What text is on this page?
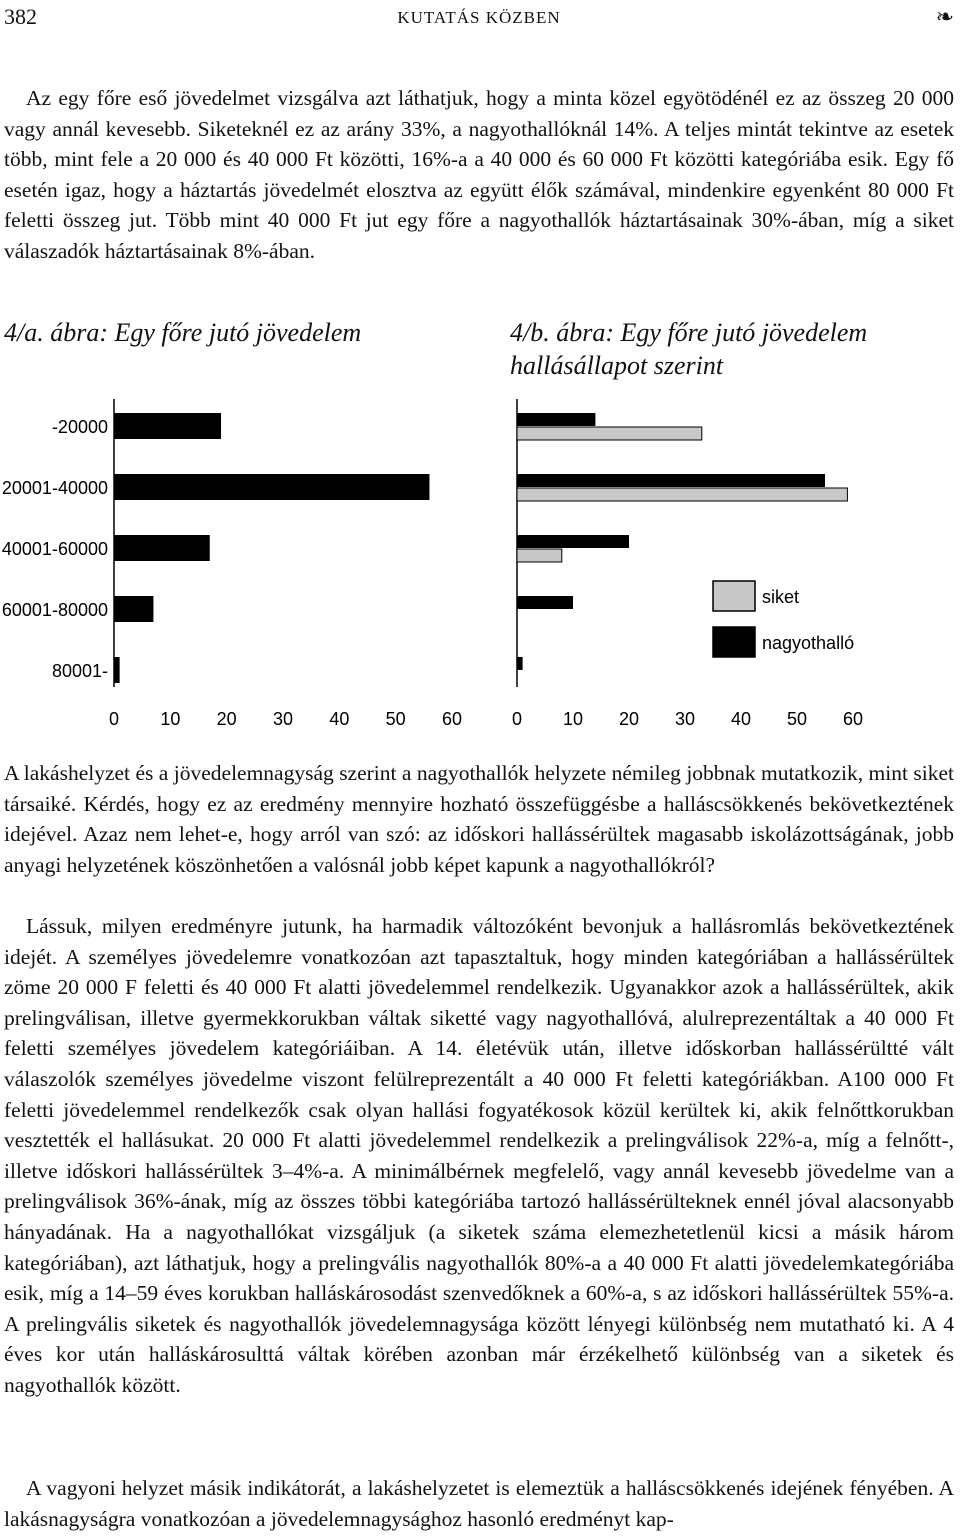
382	KUTATÁS KÖZBEN	❧

Az egy főre eső jövedelmet vizsgálva azt láthatjuk, hogy a minta közel egyötödénél ez az összeg 20 000 vagy annál kevesebb. Siketeknél ez az arány 33%, a nagyothallóknál 14%. A teljes mintát tekintve az esetek több, mint fele a 20 000 és 40 000 Ft közötti, 16%-a a 40 000 és 60 000 Ft közötti kategóriába esik. Egy fő esetén igaz, hogy a háztartás jövedelmét elosztva az együtt élők számával, mindenkire egyenként 80 000 Ft feletti összeg jut. Több mint 40 000 Ft jut egy főre a nagyothallók háztartásainak 30%-ában, míg a siket válaszadók háztartásainak 8%-ában.

4/a. ábra: Egy főre jutó jövedelem	4/b. ábra: Egy főre jutó jövedelem
hallásállapot szerint
-20000
20001-40000
40001-60000
60001-80000
80001-
0 10 20 30 40 50 60	0 10 20 30 40 50 60
siket
nagyothalló

A lakáshelyzet és a jövedelemnagyság szerint a nagyothallók helyzete némileg jobbnak mutatkozik, mint siket társaiké. Kérdés, hogy ez az eredmény mennyire hozható összefüggésbe a halláscsökkenés bekövetkeztének idejével. Azaz nem lehet-e, hogy arról van szó: az időskori hallássérültek magasabb iskolázottságának, jobb anyagi helyzetének köszönhetően a valósnál jobb képet kapunk a nagyothallókról?

Lássuk, milyen eredményre jutunk, ha harmadik változóként bevonjuk a hallásromlás bekövetkeztének idejét. A személyes jövedelemre vonatkozóan azt tapasztaltuk, hogy minden kategóriában a hallássérültek zöme 20 000 F feletti és 40 000 Ft alatti jövedelemmel rendelkezik. Ugyanakkor azok a hallássérültek, akik prelingválisan, illetve gyermekkorukban váltak siketté vagy nagyothallóvá, alulreprezentáltak a 40 000 Ft feletti személyes jövedelem kategóriáiban. A 14. életévük után, illetve időskorban hallássérültté vált válaszolók személyes jövedelme viszont felülreprezentált a 40 000 Ft feletti kategóriákban. A100 000 Ft feletti jövedelemmel rendelkezők csak olyan hallási fogyatékosok közül kerültek ki, akik felnőttkorukban vesztették el hallásukat. 20 000 Ft alatti jövedelemmel rendelkezik a prelingválisok 22%-a, míg a felnőtt-, illetve időskori hallássérültek 3–4%-a. A minimálbérnek megfelelő, vagy annál kevesebb jövedelme van a prelingválisok 36%-ának, míg az összes többi kategóriába tartozó hallássérülteknek ennél jóval alacsonyabb hányadának. Ha a nagyothallókat vizsgáljuk (a siketek száma elemezhetetlenül kicsi a másik három kategóriában), azt láthatjuk, hogy a prelingvális nagyothallók 80%-a a 40 000 Ft alatti jövedelemkategóriába esik, míg a 14–59 éves korukban halláskárosodást szenvedőknek a 60%-a, s az időskori hallássérültek 55%-a. A prelingvális siketek és nagyothallók jövedelemnagysága között lényegi különbség nem mutatható ki. A 4 éves kor után halláskárosulttá váltak körében azonban már érzékelhető különbség van a siketek és nagyothallók között.

A vagyoni helyzet másik indikátorát, a lakáshelyzetet is elemeztük a halláscsökkenés idejének fényében. A lakásnagyságra vonatkozóan a jövedelemnagysághoz hasonló eredményt kap-
